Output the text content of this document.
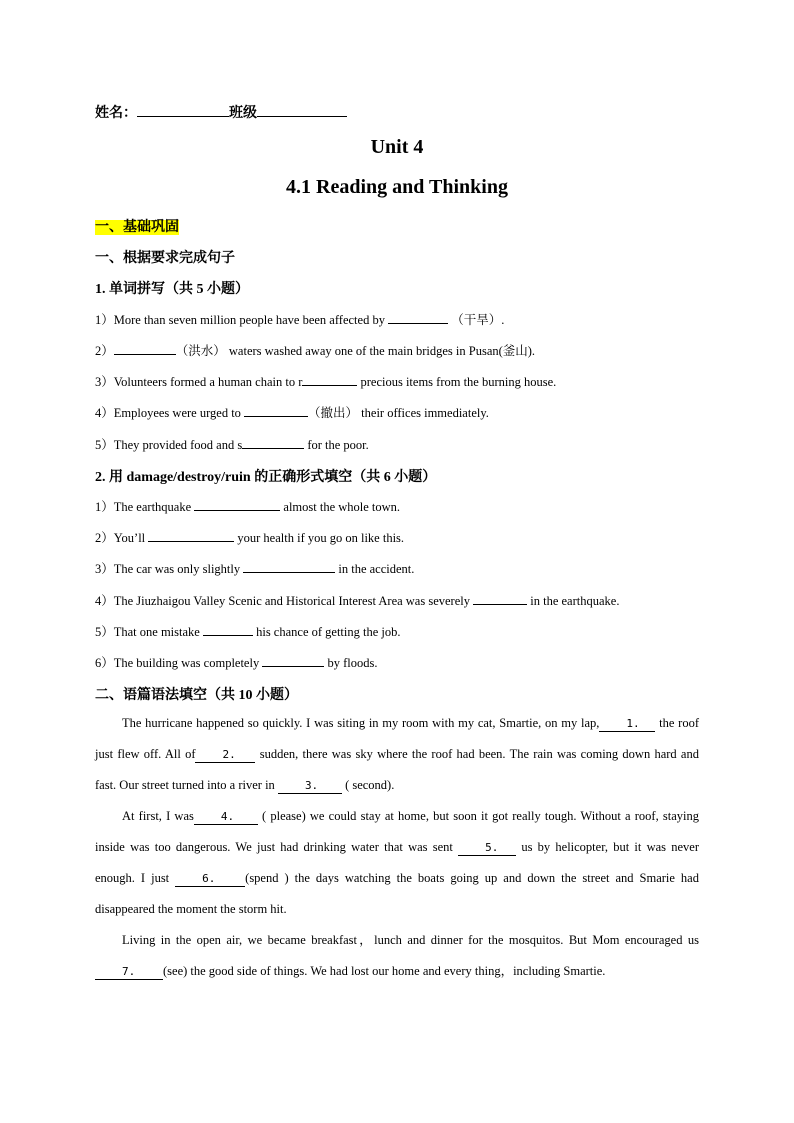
姓名：	班级
Unit 4
4.1 Reading and Thinking
一、基础巩固
一、根据要求完成句子
1. 单词拼写（共 5 小题）
1）More than seven million people have been affected by	（干旱）.
2）	（洪水） waters washed away one of the main bridges in Pusan(釜山).
3）Volunteers formed a human chain to r	precious items from the burning house.
4）Employees were urged to	（撤出） their offices immediately.
5）They provided food and s	for the poor.
2. 用 damage/destroy/ruin 的正确形式填空（共 6 小题）
1）The earthquake	almost the whole town.
2）You’ll	your health if you go on like this.
3）The car was only slightly	in the accident.
4）The Jiuzhaigou Valley Scenic and Historical Interest Area was severely	in the earthquake.
5）That one mistake	his chance of getting the job.
6）The building was completely	by floods.
二、语篇语法填空（共 10 小题）

The hurricane happened so quickly. I was siting in my room with my cat, Smartie, on my lap, 1. the roof just flew off. All of 2. sudden, there was sky where the roof had been. The rain was coming down hard and fast. Our street turned into a river in 3. ( second).

At first, I was 4. ( please) we could stay at home, but soon it got really tough. Without a roof, staying inside was too dangerous. We just had drinking water that was sent 5. us by helicopter, but it was never enough. I just 6. (spend ) the days watching the boats going up and down the street and Smarie had disappeared the moment the storm hit.

Living in the open air, we became breakfast，lunch and dinner for the mosquitos. But Mom encouraged us 7. (see) the good side of things. We had lost our home and every thing，including Smartie.
